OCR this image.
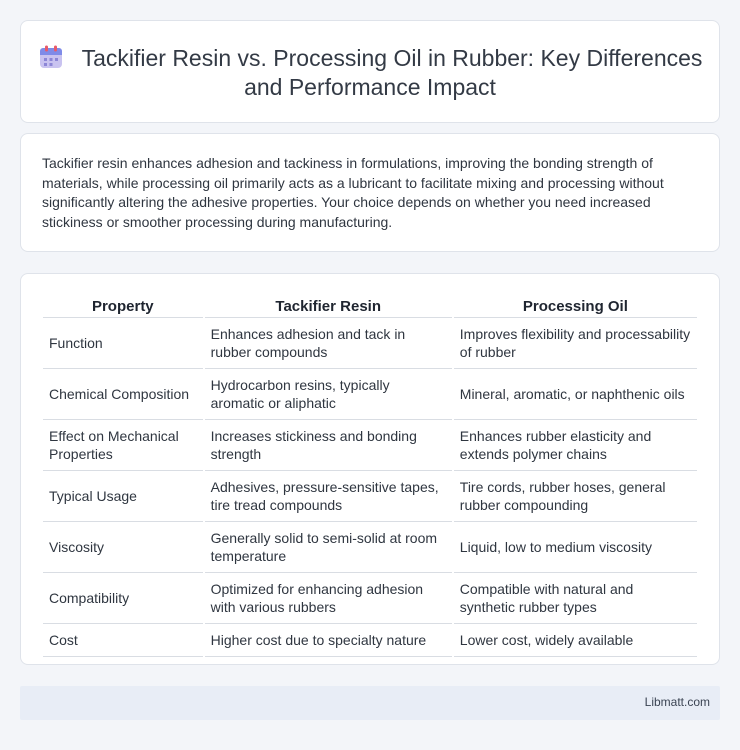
Tackifier Resin vs. Processing Oil in Rubber: Key Differences and Performance Impact

Tackifier resin enhances adhesion and tackiness in formulations, improving the bonding strength of materials, while processing oil primarily acts as a lubricant to facilitate mixing and processing without significantly altering the adhesive properties. Your choice depends on whether you need increased stickiness or smoother processing during manufacturing.

Property	Tackifier Resin	Processing Oil
Function	Enhances adhesion and tack in rubber compounds	Improves flexibility and processability of rubber
Chemical Composition	Hydrocarbon resins, typically aromatic or aliphatic	Mineral, aromatic, or naphthenic oils
Effect on Mechanical Properties	Increases stickiness and bonding strength	Enhances rubber elasticity and extends polymer chains
Typical Usage	Adhesives, pressure-sensitive tapes, tire tread compounds	Tire cords, rubber hoses, general rubber compounding
Viscosity	Generally solid to semi-solid at room temperature	Liquid, low to medium viscosity
Compatibility	Optimized for enhancing adhesion with various rubbers	Compatible with natural and synthetic rubber types
Cost	Higher cost due to specialty nature	Lower cost, widely available
Libmatt.com
